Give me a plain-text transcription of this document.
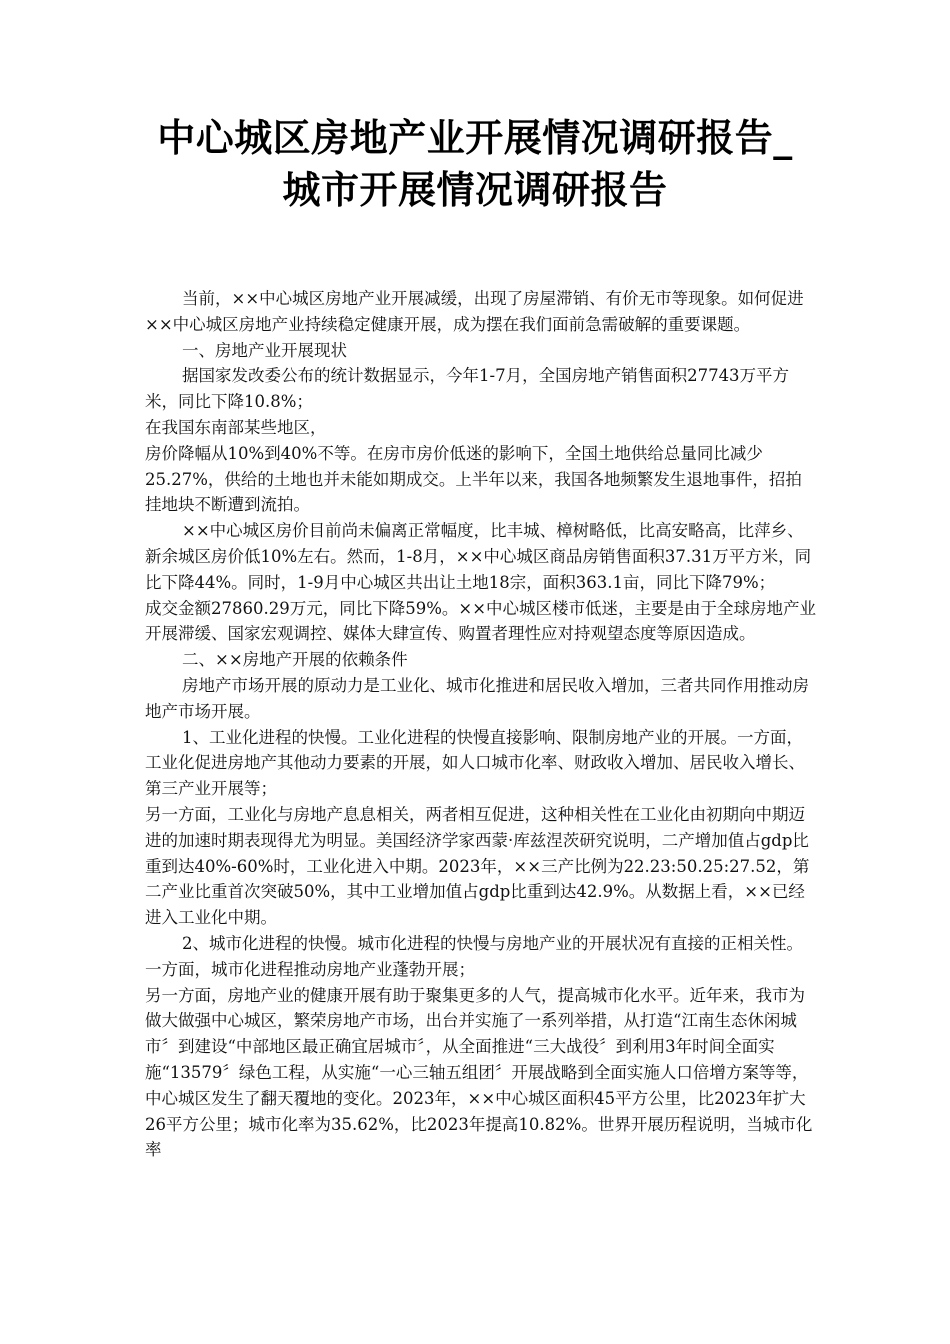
中心城区房地产业开展情况调研报告_
城市开展情况调研报告

当前，××中心城区房地产业开展减缓，出现了房屋滞销、有价无市等现象。如何促进××中心城区房地产业持续稳定健康开展，成为摆在我们面前急需破解的重要课题。

一、房地产业开展现状

据国家发改委公布的统计数据显示，今年1-7月，全国房地产销售面积27743万平方米，同比下降10.8%；

在我国东南部某些地区，

房价降幅从10%到40%不等。在房市房价低迷的影响下，全国土地供给总量同比减少25.27%，供给的土地也并未能如期成交。上半年以来，我国各地频繁发生退地事件，招拍挂地块不断遭到流拍。

××中心城区房价目前尚未偏离正常幅度，比丰城、樟树略低，比高安略高，比萍乡、新余城区房价低10%左右。然而，1-8月，××中心城区商品房销售面积37.31万平方米，同比下降44%。同时，1-9月中心城区共出让土地18宗，面积363.1亩，同比下降79%；

成交金额27860.29万元，同比下降59%。××中心城区楼市低迷，主要是由于全球房地产业开展滞缓、国家宏观调控、媒体大肆宣传、购置者理性应对持观望态度等原因造成。

二、××房地产开展的依赖条件

房地产市场开展的原动力是工业化、城市化推进和居民收入增加，三者共同作用推动房地产市场开展。

1、工业化进程的快慢。工业化进程的快慢直接影响、限制房地产业的开展。一方面，工业化促进房地产其他动力要素的开展，如人口城市化率、财政收入增加、居民收入增长、第三产业开展等；

另一方面，工业化与房地产息息相关，两者相互促进，这种相关性在工业化由初期向中期迈进的加速时期表现得尤为明显。美国经济学家西蒙·库兹涅茨研究说明，二产增加值占gdp比重到达40%-60%时，工业化进入中期。2023年，××三产比例为22.23:50.25:27.52，第二产业比重首次突破50%，其中工业增加值占gdp比重到达42.9%。从数据上看，××已经进入工业化中期。

2、城市化进程的快慢。城市化进程的快慢与房地产业的开展状况有直接的正相关性。一方面，城市化进程推动房地产业蓬勃开展；

另一方面，房地产业的健康开展有助于聚集更多的人气，提高城市化水平。近年来，我市为做大做强中心城区，繁荣房地产市场，出台并实施了一系列举措，从打造“江南生态休闲城市〞到建设“中部地区最正确宜居城市〞，从全面推进“三大战役〞到利用3年时间全面实施“13579〞绿色工程，从实施“一心三轴五组团〞开展战略到全面实施人口倍增方案等等，中心城区发生了翻天覆地的变化。2023年，××中心城区面积45平方公里，比2023年扩大26平方公里；城市化率为35.62%，比2023年提高10.82%。世界开展历程说明，当城市化率
